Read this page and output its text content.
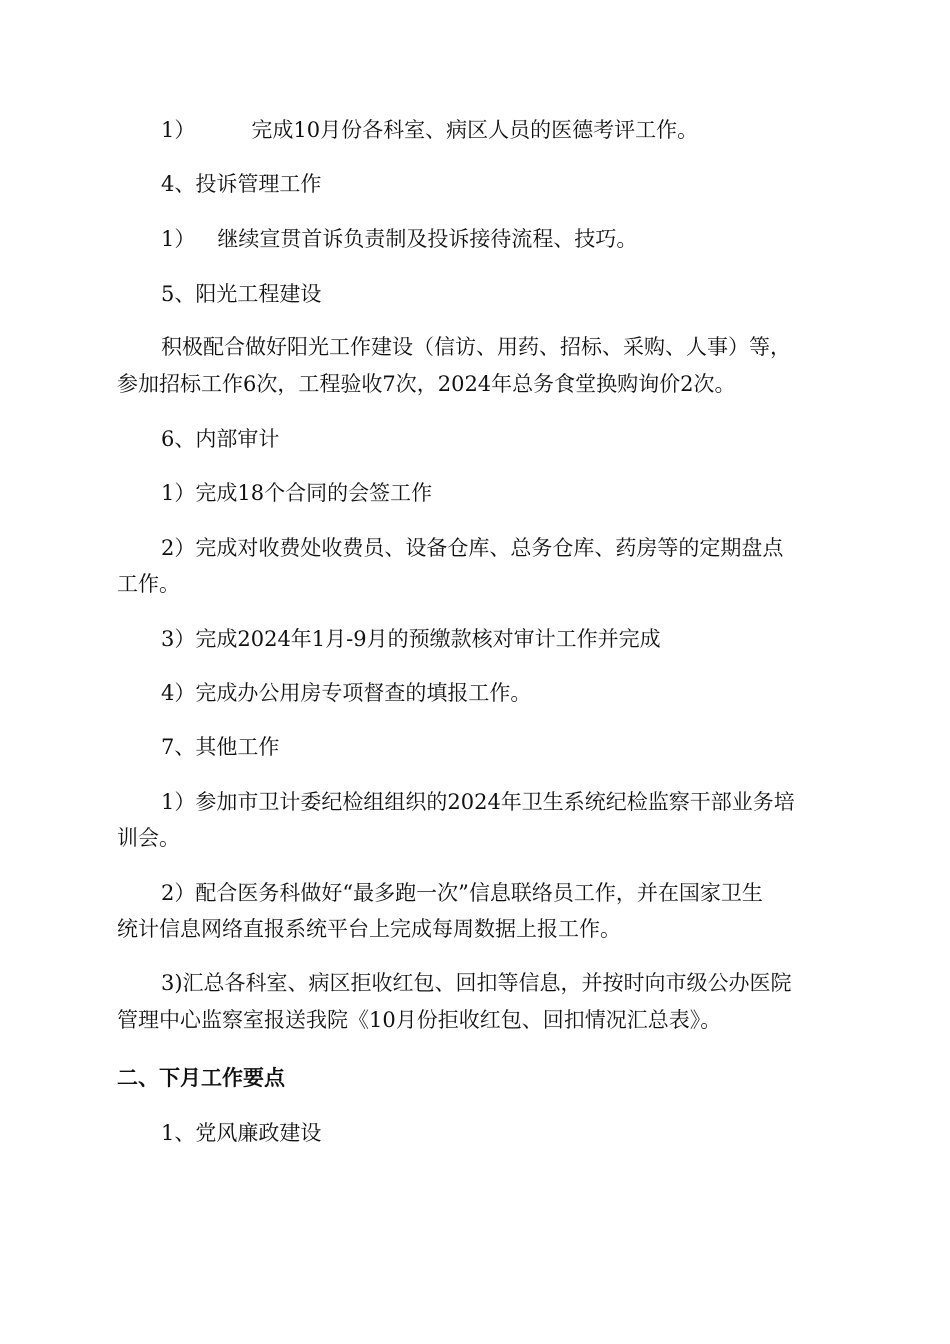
1）	完成10月份各科室、病区人员的医德考评工作。
4、投诉管理工作
1） 继续宣贯首诉负责制及投诉接待流程、技巧。
5、阳光工程建设
积极配合做好阳光工作建设（信访、用药、招标、采购、人事）等，
参加招标工作6次，工程验收7次，2024年总务食堂换购询价2次。
6、内部审计
1）完成18个合同的会签工作
2）完成对收费处收费员、设备仓库、总务仓库、药房等的定期盘点
工作。
3）完成2024年1月-9月的预缴款核对审计工作并完成
4）完成办公用房专项督查的填报工作。
7、其他工作
1）参加市卫计委纪检组组织的2024年卫生系统纪检监察干部业务培
训会。
2）配合医务科做好“最多跑一次”信息联络员工作，并在国家卫生
统计信息网络直报系统平台上完成每周数据上报工作。
3)汇总各科室、病区拒收红包、回扣等信息，并按时向市级公办医院
管理中心监察室报送我院《10月份拒收红包、回扣情况汇总表》。
二、下月工作要点
1、党风廉政建设
